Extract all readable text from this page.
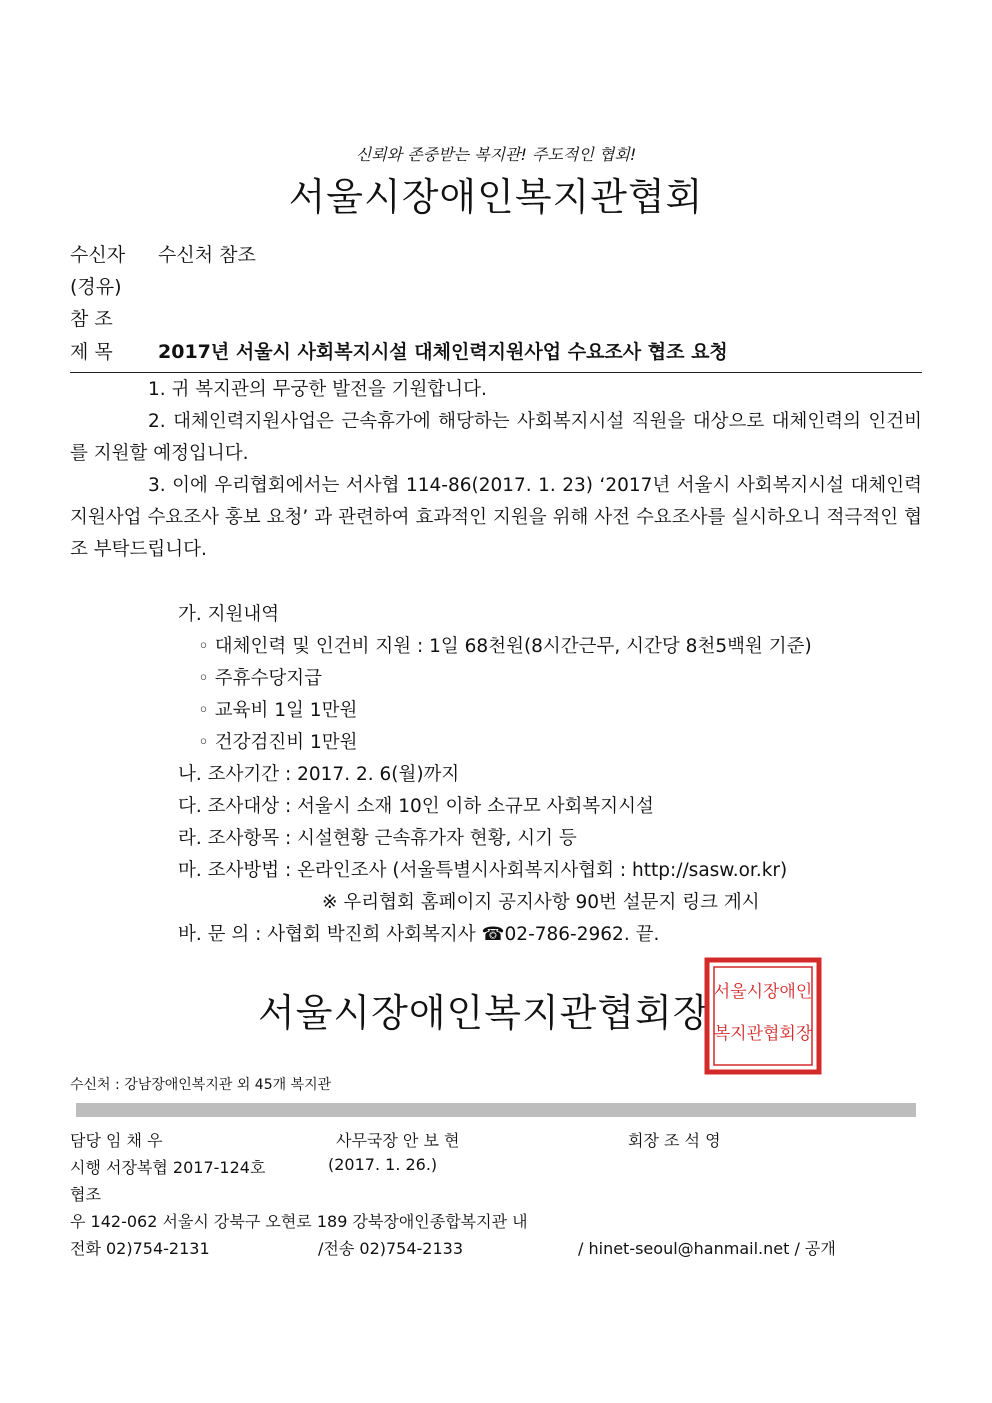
신뢰와 존중받는 복지관! 주도적인 협회!
서울시장애인복지관협회
수신자 수신처 참조
(경유)
참 조
제 목 2017년 서울시 사회복지시설 대체인력지원사업 수요조사 협조 요청
1. 귀 복지관의 무궁한 발전을 기원합니다.
2. 대체인력지원사업은 근속휴가에 해당하는 사회복지시설 직원을 대상으로 대체인력의 인건비를 지원할 예정입니다.
3. 이에 우리협회에서는 서사협 114-86(2017. 1. 23) ‘2017년 서울시 사회복지시설 대체인력지원사업 수요조사 홍보 요청’ 과 관련하여 효과적인 지원을 위해 사전 수요조사를 실시하오니 적극적인 협조 부탁드립니다.
가. 지원내역
◦ 대체인력 및 인건비 지원 : 1일 68천원(8시간근무, 시간당 8천5백원 기준)
◦ 주휴수당지급
◦ 교육비 1일 1만원
◦ 건강검진비 1만원
나. 조사기간 : 2017. 2. 6(월)까지
다. 조사대상 : 서울시 소재 10인 이하 소규모 사회복지시설
라. 조사항목 : 시설현황 근속휴가자 현황, 시기 등
마. 조사방법 : 온라인조사 (서울특별시사회복지사협회 : http://sasw.or.kr)
※ 우리협회 홈페이지 공지사항 90번 설문지 링크 게시
바. 문 의 : 사협회 박진희 사회복지사 ☎02-786-2962. 끝.
서울시장애인복지관협회장 서울시장애인
복지관협회장
수신처 : 강남장애인복지관 외 45개 복지관
담당 임 채 우	사무국장 안 보 현	회장 조 석 영
시행 서장복협 2017-124호	(2017. 1. 26.)
협조
우 142-062 서울시 강북구 오현로 189 강북장애인종합복지관 내
전화 02)754-2131	/전송 02)754-2133	/ hinet-seoul@hanmail.net / 공개
